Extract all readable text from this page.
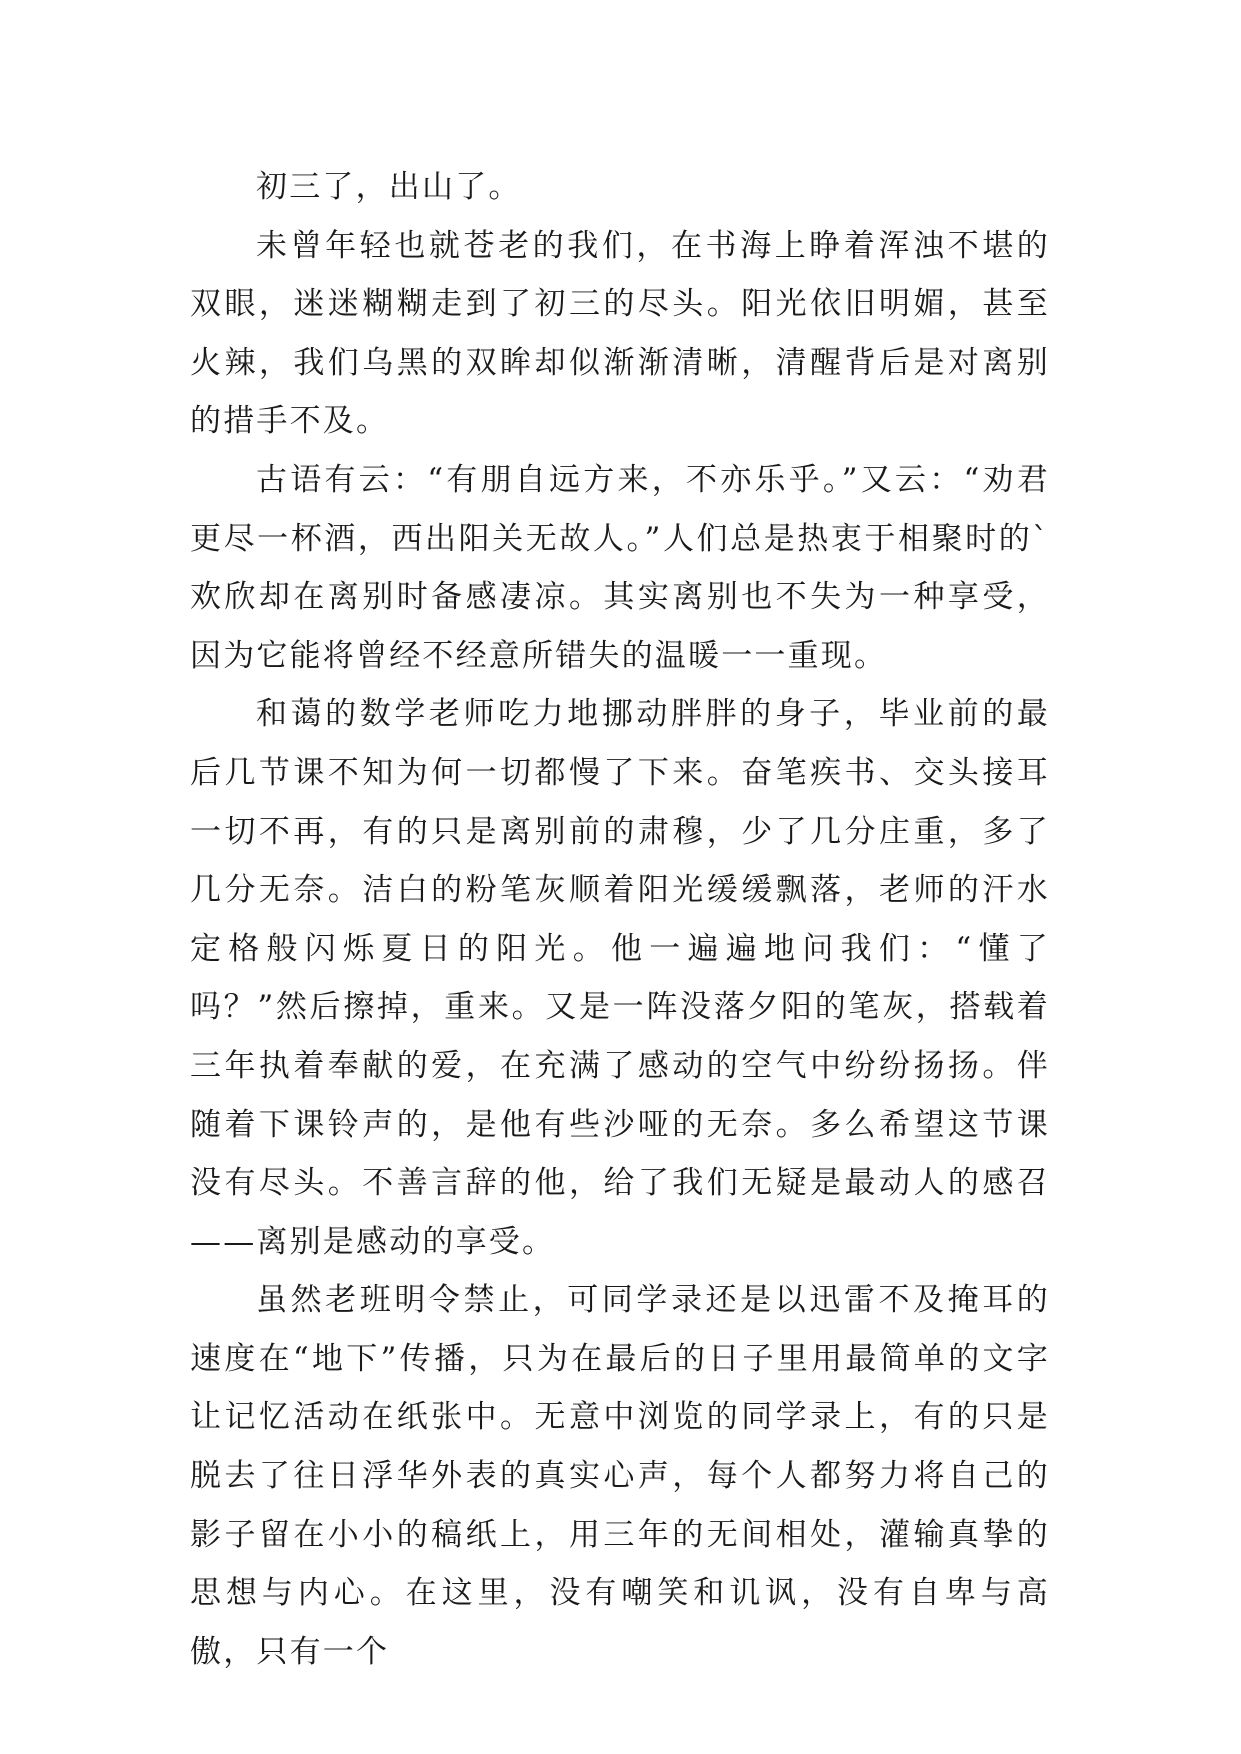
初三了，出山了。

未曾年轻也就苍老的我们，在书海上睁着浑浊不堪的双眼，迷迷糊糊走到了初三的尽头。阳光依旧明媚，甚至火辣，我们乌黑的双眸却似渐渐清晰，清醒背后是对离别的措手不及。

古语有云：“有朋自远方来，不亦乐乎。”又云：“劝君更尽一杯酒，西出阳关无故人。”人们总是热衷于相聚时的`欢欣却在离别时备感凄凉。其实离别也不失为一种享受，因为它能将曾经不经意所错失的温暖一一重现。

和蔼的数学老师吃力地挪动胖胖的身子，毕业前的最后几节课不知为何一切都慢了下来。奋笔疾书、交头接耳一切不再，有的只是离别前的肃穆，少了几分庄重，多了几分无奈。洁白的粉笔灰顺着阳光缓缓飘落，老师的汗水定格般闪烁夏日的阳光。他一遍遍地问我们：“懂了吗？”然后擦掉，重来。又是一阵没落夕阳的笔灰，搭载着三年执着奉献的爱，在充满了感动的空气中纷纷扬扬。伴随着下课铃声的，是他有些沙哑的无奈。多么希望这节课没有尽头。不善言辞的他，给了我们无疑是最动人的感召——离别是感动的享受。

虽然老班明令禁止，可同学录还是以迅雷不及掩耳的速度在“地下”传播，只为在最后的日子里用最简单的文字让记忆活动在纸张中。无意中浏览的同学录上，有的只是脱去了往日浮华外表的真实心声，每个人都努力将自己的影子留在小小的稿纸上，用三年的无间相处，灌输真挚的思想与内心。在这里，没有嘲笑和讥讽，没有自卑与高傲，只有一个
